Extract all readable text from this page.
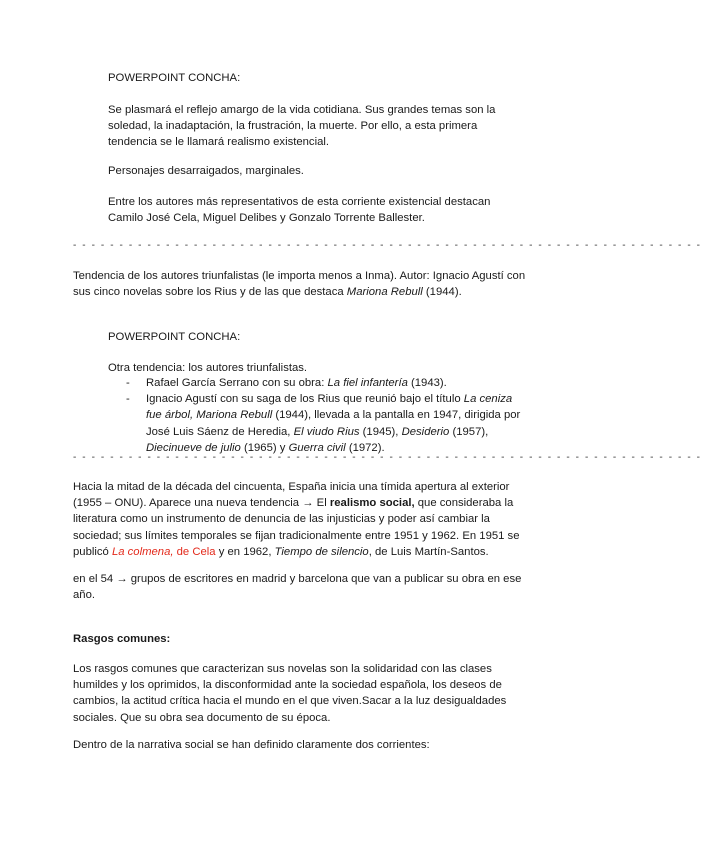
POWERPOINT CONCHA:

Se plasmará el reflejo amargo de la vida cotidiana. Sus grandes temas son la soledad, la inadaptación, la frustración, la muerte. Por ello, a esta primera tendencia se le llamará realismo existencial.

Personajes desarraigados, marginales.

Entre los autores más representativos de esta corriente existencial destacan Camilo José Cela, Miguel Delibes y Gonzalo Torrente Ballester.

- - - - - - - - - - - - - - - - - - - - - - - - - - - - - - - - - - - - - - - - - - - - - - - - - - - - - - - - - - - - - - - - - - - -

Tendencia de los autores triunfalistas (le importa menos a Inma). Autor: Ignacio Agustí con sus cinco novelas sobre los Rius y de las que destaca Mariona Rebull (1944).

POWERPOINT CONCHA:

Otra tendencia: los autores triunfalistas.

- Rafael García Serrano con su obra: La fiel infantería (1943).
- Ignacio Agustí con su saga de los Rius que reunió bajo el título La ceniza fue árbol, Mariona Rebull (1944), llevada a la pantalla en 1947, dirigida por José Luis Sáenz de Heredia, El viudo Rius (1945), Desiderio (1957), Diecinueve de julio (1965) y Guerra civil (1972).

- - - - - - - - - - - - - - - - - - - - - - - - - - - - - - - - - - - - - - - - - - - - - - - - - - - - - - - - - - - - - - - - - - - -

Hacia la mitad de la década del cincuenta, España inicia una tímida apertura al exterior (1955 – ONU). Aparece una nueva tendencia → El realismo social, que consideraba la literatura como un instrumento de denuncia de las injusticias y poder así cambiar la sociedad; sus límites temporales se fijan tradicionalmente entre 1951 y 1962. En 1951 se publicó La colmena, de Cela y en 1962, Tiempo de silencio, de Luis Martín-Santos.

en el 54 → grupos de escritores en madrid y barcelona que van a publicar su obra en ese año.

Rasgos comunes:

Los rasgos comunes que caracterizan sus novelas son la solidaridad con las clases humildes y los oprimidos, la disconformidad ante la sociedad española, los deseos de cambios, la actitud crítica hacia el mundo en el que viven.Sacar a la luz desigualdades sociales. Que su obra sea documento de su época.

Dentro de la narrativa social se han definido claramente dos corrientes:
